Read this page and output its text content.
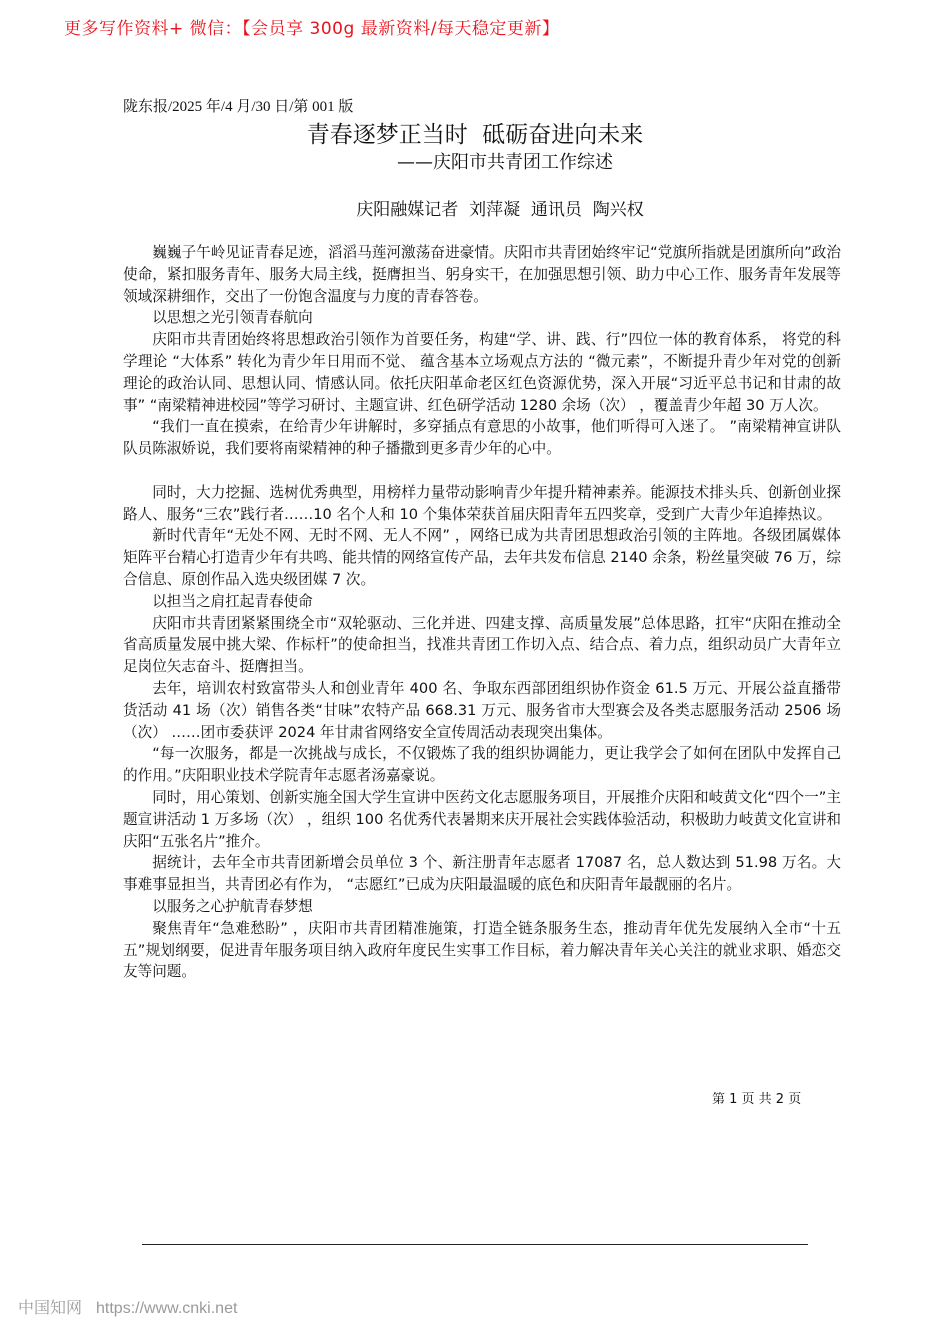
更多写作资料+ 微信：【会员享 300g 最新资料/每天稳定更新】
陇东报/2025 年/4 月/30 日/第 001 版
青春逐梦正当时  砥砺奋进向未来
——庆阳市共青团工作综述
庆阳融媒记者  刘萍凝  通讯员  陶兴权

巍巍子午岭见证青春足迹，滔滔马莲河激荡奋进豪情。庆阳市共青团始终牢记“党旗所指就是团旗所向”政治使命，紧扣服务青年、服务大局主线，挺膺担当、躬身实干，在加强思想引领、助力中心工作、服务青年发展等领域深耕细作，交出了一份饱含温度与力度的青春答卷。

以思想之光引领青春航向

庆阳市共青团始终将思想政治引领作为首要任务，构建“学、讲、践、行”四位一体的教育体系， 将党的科学理论 “大体系” 转化为青少年日用而不觉、 蕴含基本立场观点方法的 “微元素”，不断提升青少年对党的创新理论的政治认同、思想认同、情感认同。依托庆阳革命老区红色资源优势，深入开展“习近平总书记和甘肃的故事” “南梁精神进校园”等学习研讨、主题宣讲、红色研学活动 1280 余场（次） ，覆盖青少年超 30 万人次。

“我们一直在摸索，在给青少年讲解时，多穿插点有意思的小故事，他们听得可入迷了。 ”南梁精神宣讲队队员陈淑娇说，我们要将南梁精神的种子播撒到更多青少年的心中。

同时，大力挖掘、选树优秀典型，用榜样力量带动影响青少年提升精神素养。能源技术排头兵、创新创业探路人、服务“三农”践行者……10 名个人和 10 个集体荣获首届庆阳青年五四奖章，受到广大青少年追捧热议。

新时代青年“无处不网、无时不网、无人不网” ，网络已成为共青团思想政治引领的主阵地。各级团属媒体矩阵平台精心打造青少年有共鸣、能共情的网络宣传产品，去年共发布信息 2140 余条，粉丝量突破 76 万，综合信息、原创作品入选央级团媒 7 次。

以担当之肩扛起青春使命

庆阳市共青团紧紧围绕全市“双轮驱动、三化并进、四建支撑、高质量发展”总体思路，扛牢“庆阳在推动全省高质量发展中挑大梁、作标杆”的使命担当，找准共青团工作切入点、结合点、着力点，组织动员广大青年立足岗位矢志奋斗、挺膺担当。

去年，培训农村致富带头人和创业青年 400 名、争取东西部团组织协作资金 61.5 万元、开展公益直播带货活动 41 场（次）销售各类“甘味”农特产品 668.31 万元、服务省市大型赛会及各类志愿服务活动 2506 场 （次） ……团市委获评 2024 年甘肃省网络安全宣传周活动表现突出集体。

“每一次服务，都是一次挑战与成长，不仅锻炼了我的组织协调能力，更让我学会了如何在团队中发挥自己的作用。”庆阳职业技术学院青年志愿者汤嘉豪说。

同时，用心策划、创新实施全国大学生宣讲中医药文化志愿服务项目，开展推介庆阳和岐黄文化“四个一”主题宣讲活动 1 万多场（次） ，组织 100 名优秀代表暑期来庆开展社会实践体验活动，积极助力岐黄文化宣讲和庆阳“五张名片”推介。

据统计，去年全市共青团新增会员单位 3 个、新注册青年志愿者 17087 名，总人数达到 51.98 万名。大事难事显担当，共青团必有作为， “志愿红”已成为庆阳最温暖的底色和庆阳青年最靓丽的名片。

以服务之心护航青春梦想

聚焦青年“急难愁盼” ，庆阳市共青团精准施策，打造全链条服务生态，推动青年优先发展纳入全市“十五五”规划纲要，促进青年服务项目纳入政府年度民生实事工作目标，着力解决青年关心关注的就业求职、婚恋交友等问题。

第 1 页 共 2 页
中国知网 https://www.cnki.net
